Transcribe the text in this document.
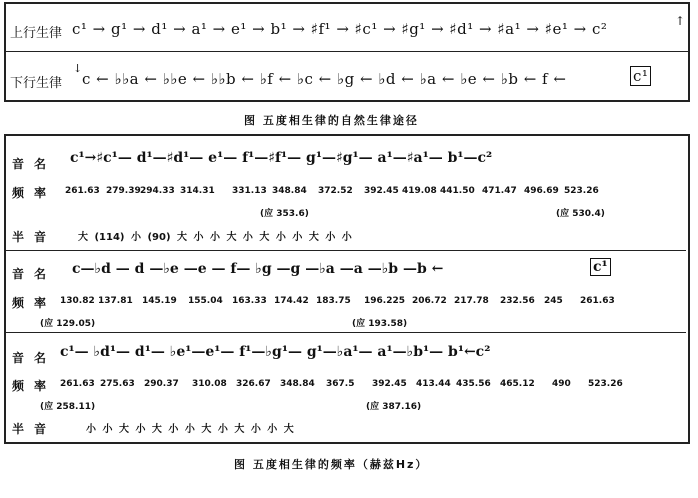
上行生律 c¹ → g¹ → d¹ → a¹ → e¹ → b¹ → ♯f¹ → ♯c¹ → ♯g¹ → ♯d¹ → ♯a¹ → ♯e¹ → c²	↑
下行生律
↓
c ← ♭♭a ← ♭♭e ← ♭♭b ← ♭f ← ♭c ← ♭g ← ♭d ← ♭a ← ♭e ← ♭b ← f ←	c¹
图 五度相生律的自然生律途径
音名 c¹→♯c¹— d¹—♯d¹— e¹— f¹—♯f¹— g¹—♯g¹— a¹—♯a¹— b¹—c²
频率 261.63 279.39 294.33 314.31 331.13 348.84 372.52 392.45 419.08 441.50 471.47 496.69 523.26
(应 353.6)	(应 530.4)
半音 大 (114) 小 (90) 大 小 小 大 小 大 小 小 大 小 小
音名 c—♭d — d —♭e —e — f— ♭g —g —♭a —a —♭b —b ←	c¹
频率 130.82 137.81 145.19 155.04 163.33 174.42 183.75 196.225 206.72 217.78 232.56 245 261.63
(应 129.05)	(应 193.58)
音名 c¹— ♭d¹— d¹— ♭e¹—e¹— f¹—♭g¹— g¹—♭a¹— a¹—♭b¹— b¹←c²
频率 261.63 275.63 290.37 310.08 326.67 348.84 367.5 392.45 413.44 435.56 465.12 490 523.26
(应 258.11)	(应 387.16)
半音	小 小 大 小 大 小 小 大 小 大 小 小 大
图 五度相生律的频率（赫兹Hz）
